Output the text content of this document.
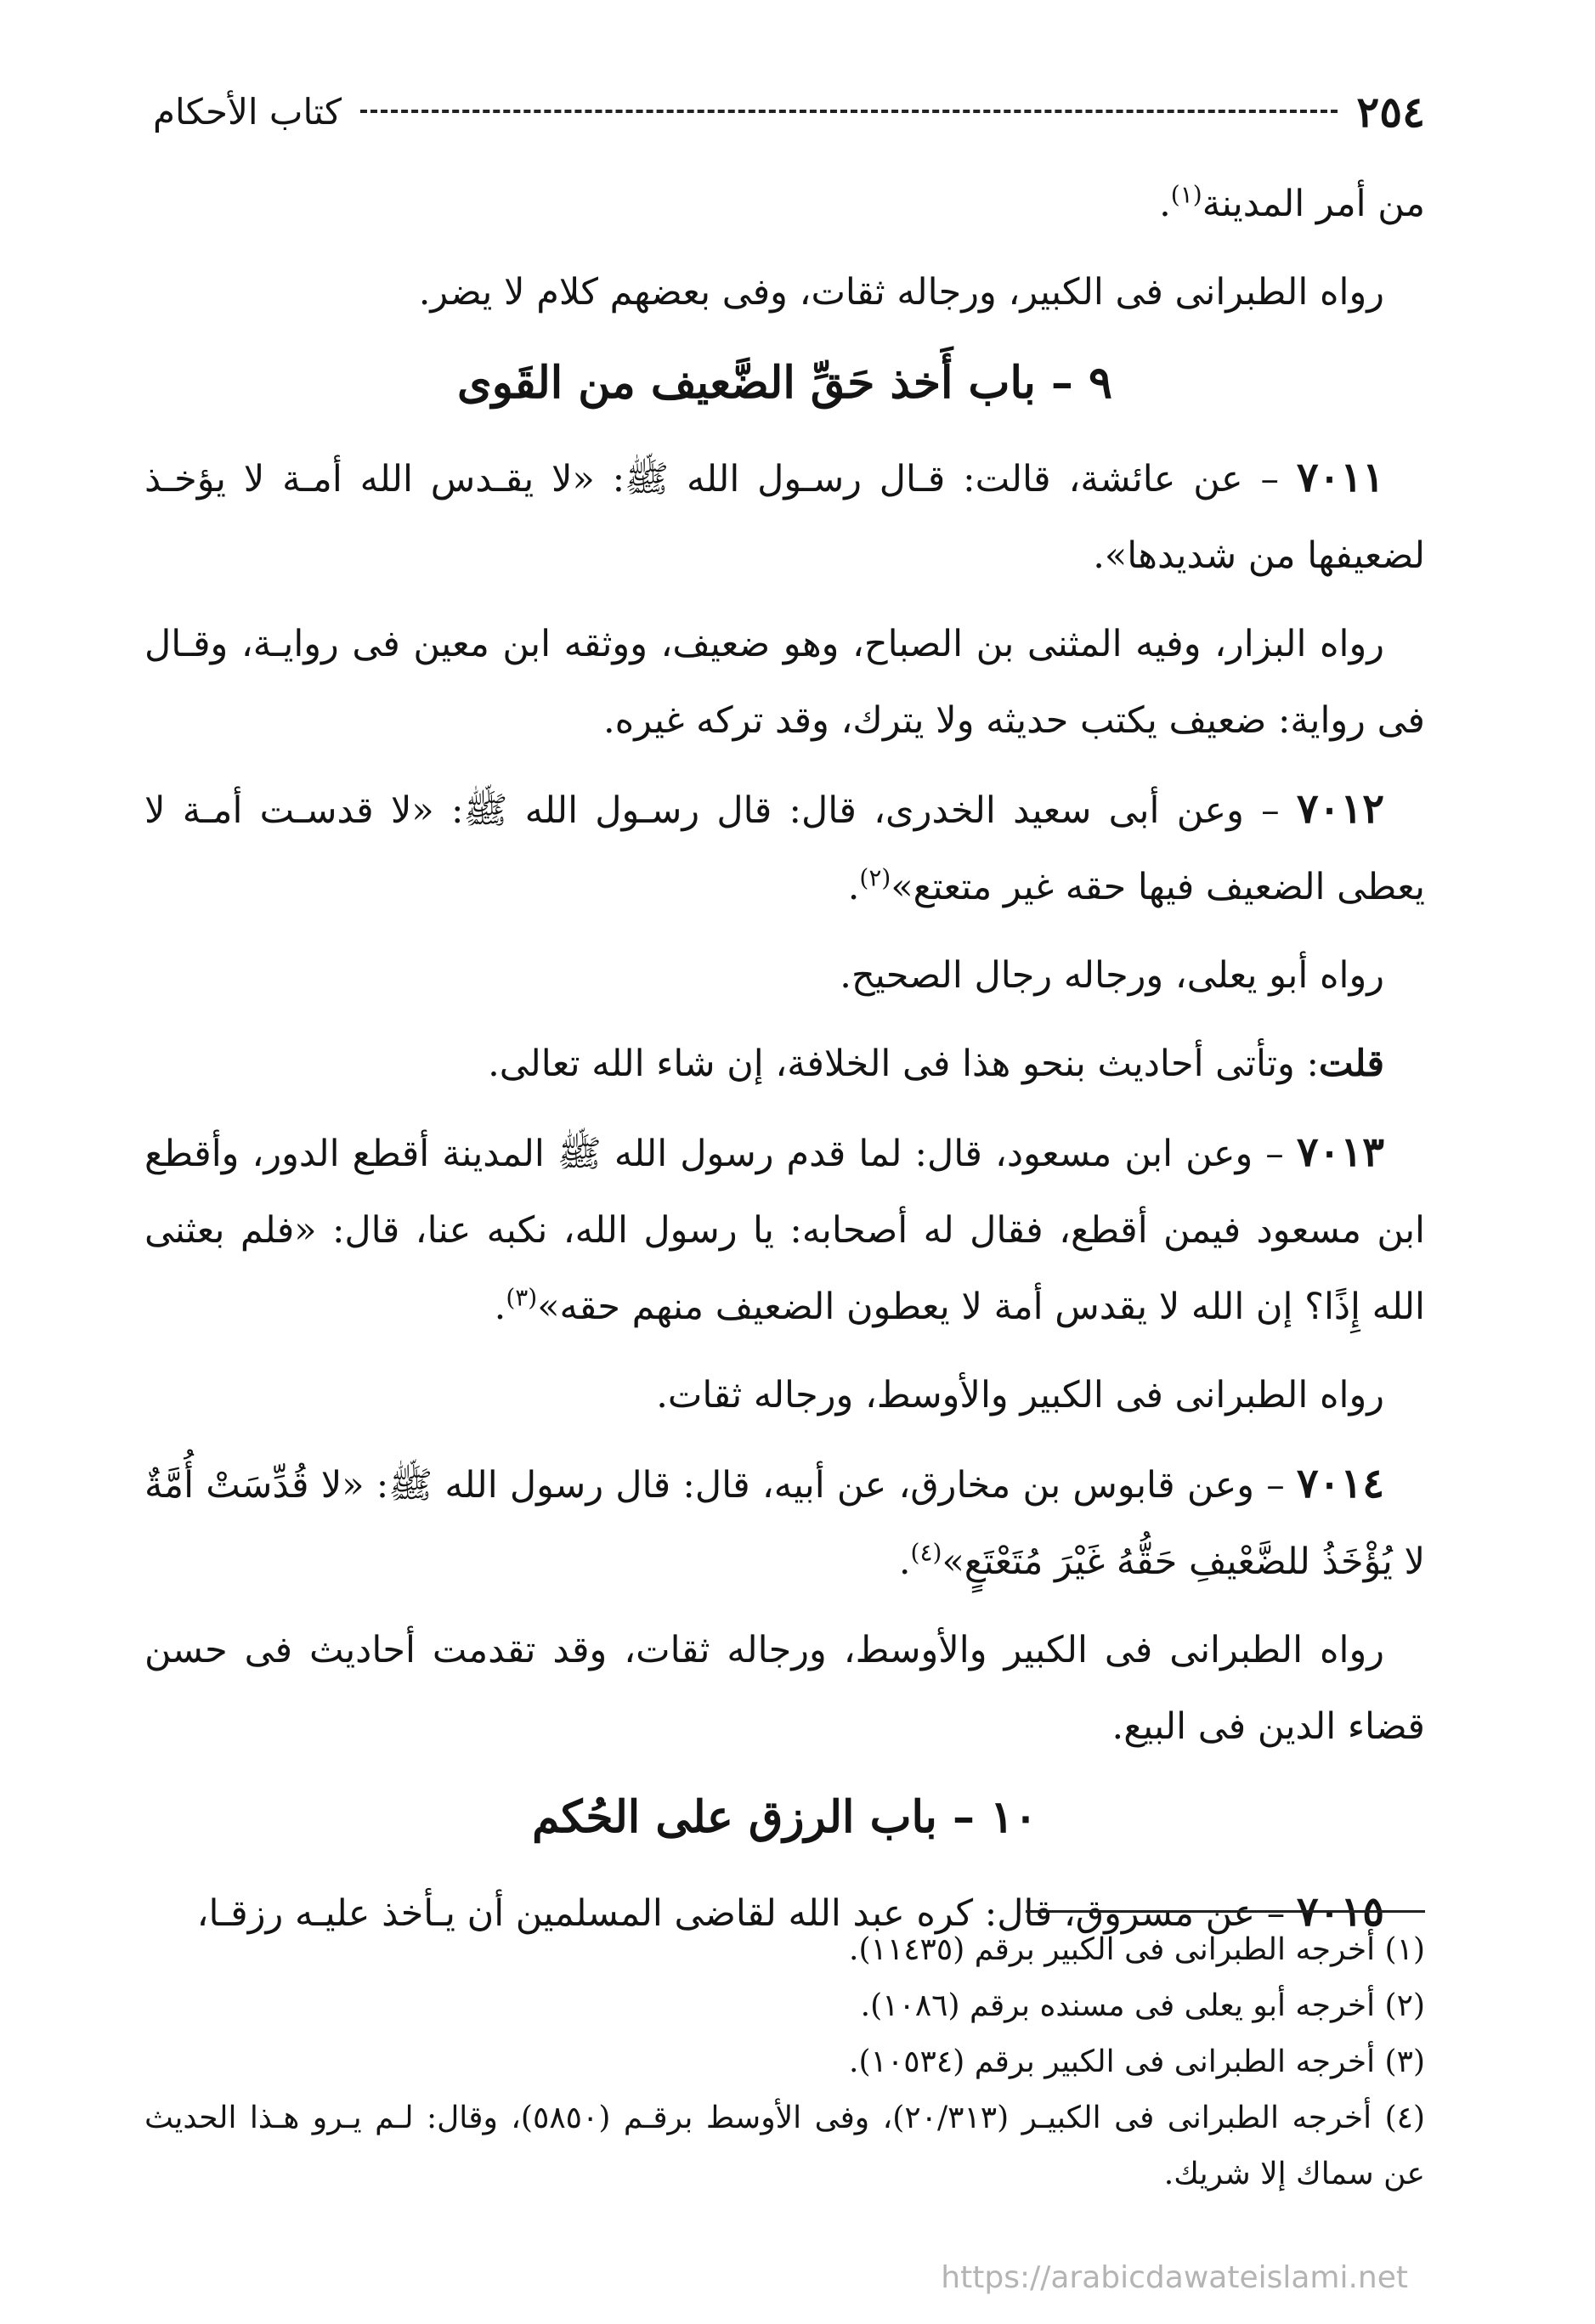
٢٥٤
كتاب الأحكام

من أمر المدينة$^{(١)}$.

رواه الطبرانى فى الكبير، ورجاله ثقات، وفى بعضهم كلام لا يضر.

٩ – باب أَخذ حَقِّ الضَّعيف من القَوى

٧٠١١ – عن عائشة، قالت: قـال رسـول الله ﷺ: «لا يقـدس الله أمـة لا يؤخـذ لضعيفها من شديدها».

رواه البزار، وفيه المثنى بن الصباح، وهو ضعيف، ووثقه ابن معين فى روايـة، وقـال فى رواية: ضعيف يكتب حديثه ولا يترك، وقد تركه غيره.

٧٠١٢ – وعن أبى سعيد الخدرى، قال: قال رسـول الله ﷺ: «لا قدسـت أمـة لا يعطى الضعيف فيها حقه غير متعتع»$^{(٢)}$.

رواه أبو يعلى، ورجاله رجال الصحيح.

قلت: وتأتى أحاديث بنحو هذا فى الخلافة، إن شاء الله تعالى.

٧٠١٣ – وعن ابن مسعود، قال: لما قدم رسول الله ﷺ المدينة أقطع الدور، وأقطع ابن مسعود فيمن أقطع، فقال له أصحابه: يا رسول الله، نكبه عنا، قال: «فلم بعثنى الله إِذًا؟ إن الله لا يقدس أمة لا يعطون الضعيف منهم حقه»$^{(٣)}$.

رواه الطبرانى فى الكبير والأوسط، ورجاله ثقات.

٧٠١٤ – وعن قابوس بن مخارق، عن أبيه، قال: قال رسول الله ﷺ: «لا قُدِّسَتْ أُمَّةٌ لا يُؤْخَذُ للضَّعْيفِ حَقُّهُ غَيْرَ مُتَعْتَعٍ»$^{(٤)}$.

رواه الطبرانى فى الكبير والأوسط، ورجاله ثقات، وقد تقدمت أحاديث فى حسن قضاء الدين فى البيع.

١٠ – باب الرزق على الحُكم

٧٠١٥ – عن مسروق، قال: كره عبد الله لقاضى المسلمين أن يـأخذ عليـه رزقـا،

(١) أخرجه الطبرانى فى الكبير برقم (١١٤٣٥).

(٢) أخرجه أبو يعلى فى مسنده برقم (١٠٨٦).

(٣) أخرجه الطبرانى فى الكبير برقم (١٠٥٣٤).

(٤) أخرجه الطبرانى فى الكبيـر (٢٠/٣١٣)، وفى الأوسط برقـم (٥٨٥٠)، وقال: لـم يـرو هـذا الحديث عن سماك إلا شريك.

https://arabicdawateislami.net
